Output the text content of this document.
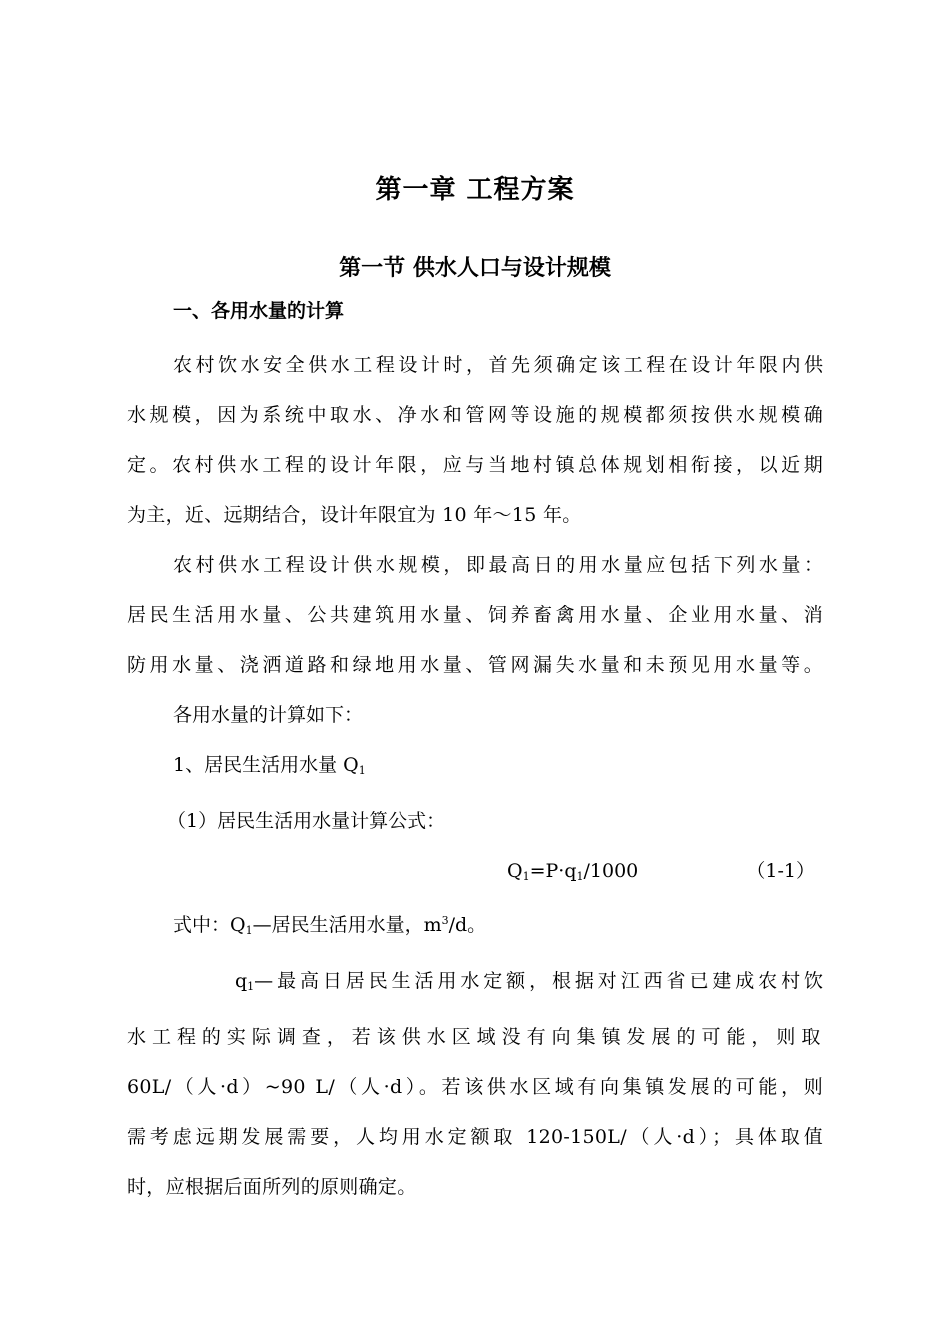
第一章 工程方案
第一节 供水人口与设计规模
一、各用水量的计算
农村饮水安全供水工程设计时，首先须确定该工程在设计年限内供
水规模，因为系统中取水、净水和管网等设施的规模都须按供水规模确
定。农村供水工程的设计年限，应与当地村镇总体规划相衔接，以近期
为主，近、远期结合，设计年限宜为 10 年～15 年。
农村供水工程设计供水规模，即最高日的用水量应包括下列水量：
居民生活用水量、公共建筑用水量、饲养畜禽用水量、企业用水量、消
防用水量、浇洒道路和绿地用水量、管网漏失水量和未预见用水量等。
各用水量的计算如下：
1、居民生活用水量 $Q_1$
（1）居民生活用水量计算公式：
$Q_1=P\cdot q_1/1000$	（1-1）
式中：$Q_1—$居民生活用水量，$m^3/d$。
$q_1—$最高日居民生活用水定额，根据对江西省已建成农村饮
水工程的实际调查，若该供水区域没有向集镇发展的可能，则取
60L/（人·d）~90 L/（人·d）。若该供水区域有向集镇发展的可能，则
需考虑远期发展需要，人均用水定额取 120-150L/（人·d）；具体取值
时，应根据后面所列的原则确定。
